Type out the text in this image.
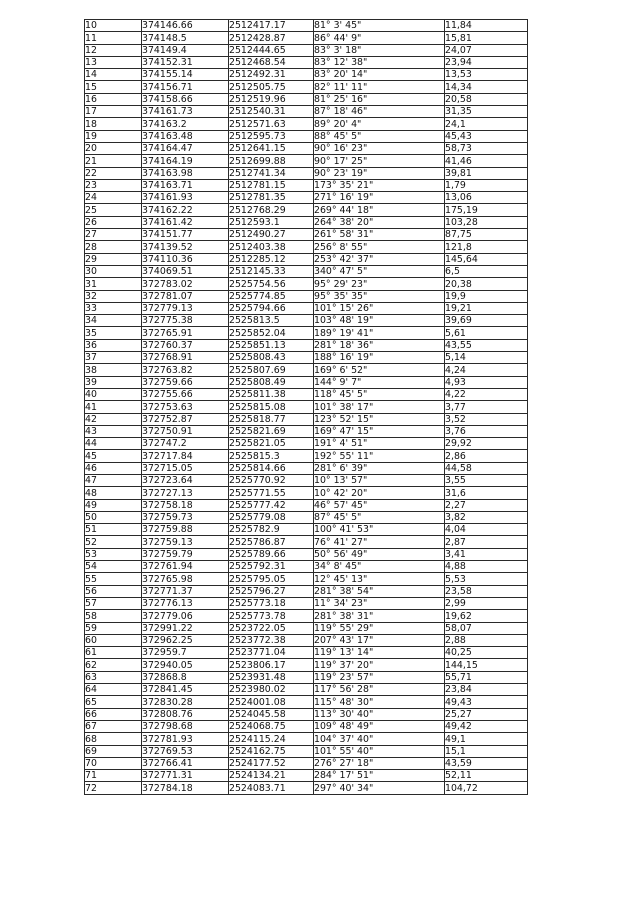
10	374146.66	2512417.17	81° 3' 45"	11,84
11	374148.5	2512428.87	86° 44' 9"	15,81
12	374149.4	2512444.65	83° 3' 18"	24,07
13	374152.31	2512468.54	83° 12' 38"	23,94
14	374155.14	2512492.31	83° 20' 14"	13,53
15	374156.71	2512505.75	82° 11' 11"	14,34
16	374158.66	2512519.96	81° 25' 16"	20,58
17	374161.73	2512540.31	87° 18' 46"	31,35
18	374163.2	2512571.63	89° 20' 4"	24,1
19	374163.48	2512595.73	88° 45' 5"	45,43
20	374164.47	2512641.15	90° 16' 23"	58,73
21	374164.19	2512699.88	90° 17' 25"	41,46
22	374163.98	2512741.34	90° 23' 19"	39,81
23	374163.71	2512781.15	173° 35' 21"	1,79
24	374161.93	2512781.35	271° 16' 19"	13,06
25	374162.22	2512768.29	269° 44' 18"	175,19
26	374161.42	2512593.1	264° 38' 20"	103,28
27	374151.77	2512490.27	261° 58' 31"	87,75
28	374139.52	2512403.38	256° 8' 55"	121,8
29	374110.36	2512285.12	253° 42' 37"	145,64
30	374069.51	2512145.33	340° 47' 5"	6,5
31	372783.02	2525754.56	95° 29' 23"	20,38
32	372781.07	2525774.85	95° 35' 35"	19,9
33	372779.13	2525794.66	101° 15' 26"	19,21
34	372775.38	2525813.5	103° 48' 19"	39,69
35	372765.91	2525852.04	189° 19' 41"	5,61
36	372760.37	2525851.13	281° 18' 36"	43,55
37	372768.91	2525808.43	188° 16' 19"	5,14
38	372763.82	2525807.69	169° 6' 52"	4,24
39	372759.66	2525808.49	144° 9' 7"	4,93
40	372755.66	2525811.38	118° 45' 5"	4,22
41	372753.63	2525815.08	101° 38' 17"	3,77
42	372752.87	2525818.77	123° 52' 15"	3,52
43	372750.91	2525821.69	169° 47' 15"	3,76
44	372747.2	2525821.05	191° 4' 51"	29,92
45	372717.84	2525815.3	192° 55' 11"	2,86
46	372715.05	2525814.66	281° 6' 39"	44,58
47	372723.64	2525770.92	10° 13' 57"	3,55
48	372727.13	2525771.55	10° 42' 20"	31,6
49	372758.18	2525777.42	46° 57' 45"	2,27
50	372759.73	2525779.08	87° 45' 5"	3,82
51	372759.88	2525782.9	100° 41' 53"	4,04
52	372759.13	2525786.87	76° 41' 27"	2,87
53	372759.79	2525789.66	50° 56' 49"	3,41
54	372761.94	2525792.31	34° 8' 45"	4,88
55	372765.98	2525795.05	12° 45' 13"	5,53
56	372771.37	2525796.27	281° 38' 54"	23,58
57	372776.13	2525773.18	11° 34' 23"	2,99
58	372779.06	2525773.78	281° 38' 31"	19,62
59	372991.22	2523722.05	119° 55' 29"	58,07
60	372962.25	2523772.38	207° 43' 17"	2,88
61	372959.7	2523771.04	119° 13' 14"	40,25
62	372940.05	2523806.17	119° 37' 20"	144,15
63	372868.8	2523931.48	119° 23' 57"	55,71
64	372841.45	2523980.02	117° 56' 28"	23,84
65	372830.28	2524001.08	115° 48' 30"	49,43
66	372808.76	2524045.58	113° 30' 40"	25,27
67	372798.68	2524068.75	109° 48' 49"	49,42
68	372781.93	2524115.24	104° 37' 40"	49,1
69	372769.53	2524162.75	101° 55' 40"	15,1
70	372766.41	2524177.52	276° 27' 18"	43,59
71	372771.31	2524134.21	284° 17' 51"	52,11
72	372784.18	2524083.71	297° 40' 34"	104,72
